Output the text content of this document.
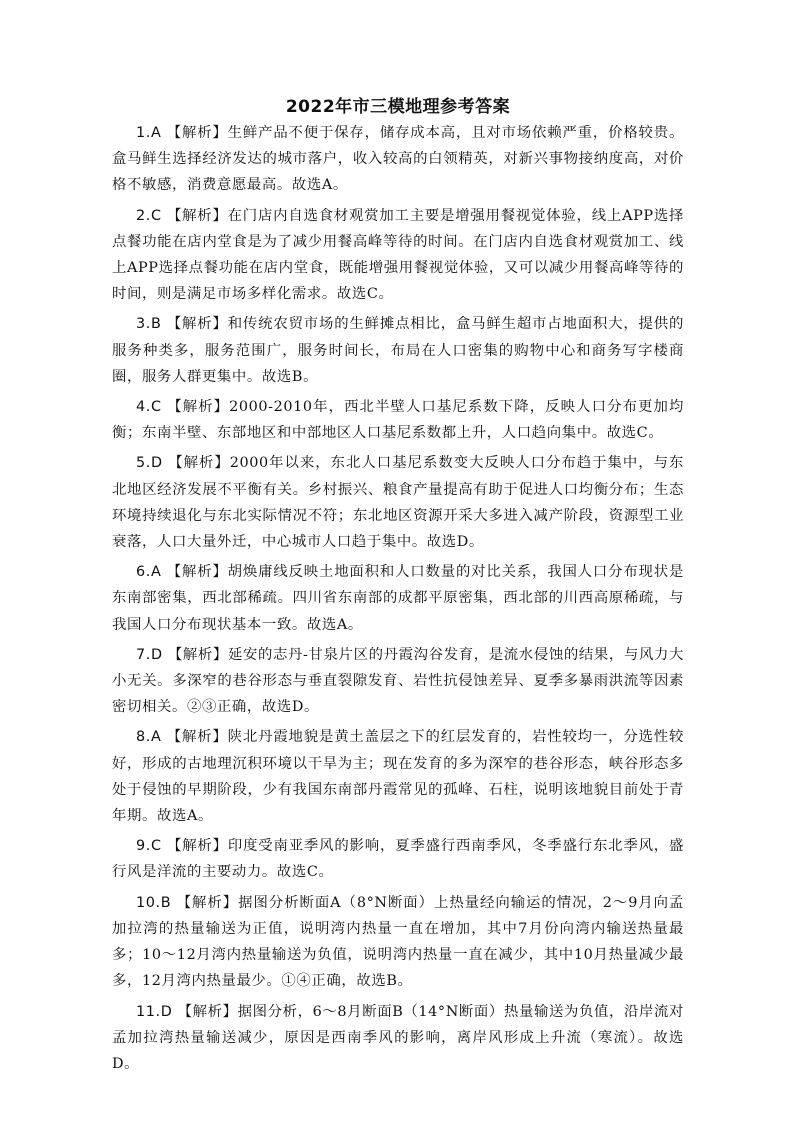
2022年市三模地理参考答案

1.A 【解析】生鲜产品不便于保存，储存成本高，且对市场依赖严重，价格较贵。盒马鲜生选择经济发达的城市落户，收入较高的白领精英，对新兴事物接纳度高，对价格不敏感，消费意愿最高。故选A。

2.C 【解析】在门店内自选食材观赏加工主要是增强用餐视觉体验，线上APP选择点餐功能在店内堂食是为了减少用餐高峰等待的时间。在门店内自选食材观赏加工、线上APP选择点餐功能在店内堂食，既能增强用餐视觉体验，又可以减少用餐高峰等待的时间，则是满足市场多样化需求。故选C。

3.B 【解析】和传统农贸市场的生鲜摊点相比，盒马鲜生超市占地面积大，提供的服务种类多，服务范围广，服务时间长，布局在人口密集的购物中心和商务写字楼商圈，服务人群更集中。故选B。

4.C 【解析】2000-2010年，西北半壁人口基尼系数下降，反映人口分布更加均衡；东南半壁、东部地区和中部地区人口基尼系数都上升，人口趋向集中。故选C。

5.D 【解析】2000年以来，东北人口基尼系数变大反映人口分布趋于集中，与东北地区经济发展不平衡有关。乡村振兴、粮食产量提高有助于促进人口均衡分布；生态环境持续退化与东北实际情况不符；东北地区资源开采大多进入减产阶段，资源型工业衰落，人口大量外迁，中心城市人口趋于集中。故选D。

6.A 【解析】胡焕庸线反映土地面积和人口数量的对比关系，我国人口分布现状是东南部密集，西北部稀疏。四川省东南部的成都平原密集，西北部的川西高原稀疏，与我国人口分布现状基本一致。故选A。

7.D 【解析】延安的志丹-甘泉片区的丹霞沟谷发育，是流水侵蚀的结果，与风力大小无关。多深窄的巷谷形态与垂直裂隙发育、岩性抗侵蚀差异、夏季多暴雨洪流等因素密切相关。②③正确，故选D。

8.A 【解析】陕北丹霞地貌是黄土盖层之下的红层发育的，岩性较均一，分选性较好，形成的古地理沉积环境以干旱为主；现在发育的多为深窄的巷谷形态，峡谷形态多处于侵蚀的早期阶段，少有我国东南部丹霞常见的孤峰、石柱，说明该地貌目前处于青年期。故选A。

9.C 【解析】印度受南亚季风的影响，夏季盛行西南季风，冬季盛行东北季风，盛行风是洋流的主要动力。故选C。

10.B 【解析】据图分析断面A（8°N断面）上热量经向输运的情况，2～9月向孟加拉湾的热量输送为正值，说明湾内热量一直在增加，其中7月份向湾内输送热量最多；10～12月湾内热量输送为负值，说明湾内热量一直在减少，其中10月热量减少最多，12月湾内热量最少。①④正确，故选B。

11.D 【解析】据图分析，6～8月断面B（14°N断面）热量输送为负值，沿岸流对孟加拉湾热量输送减少，原因是西南季风的影响，离岸风形成上升流（寒流）。故选D。
